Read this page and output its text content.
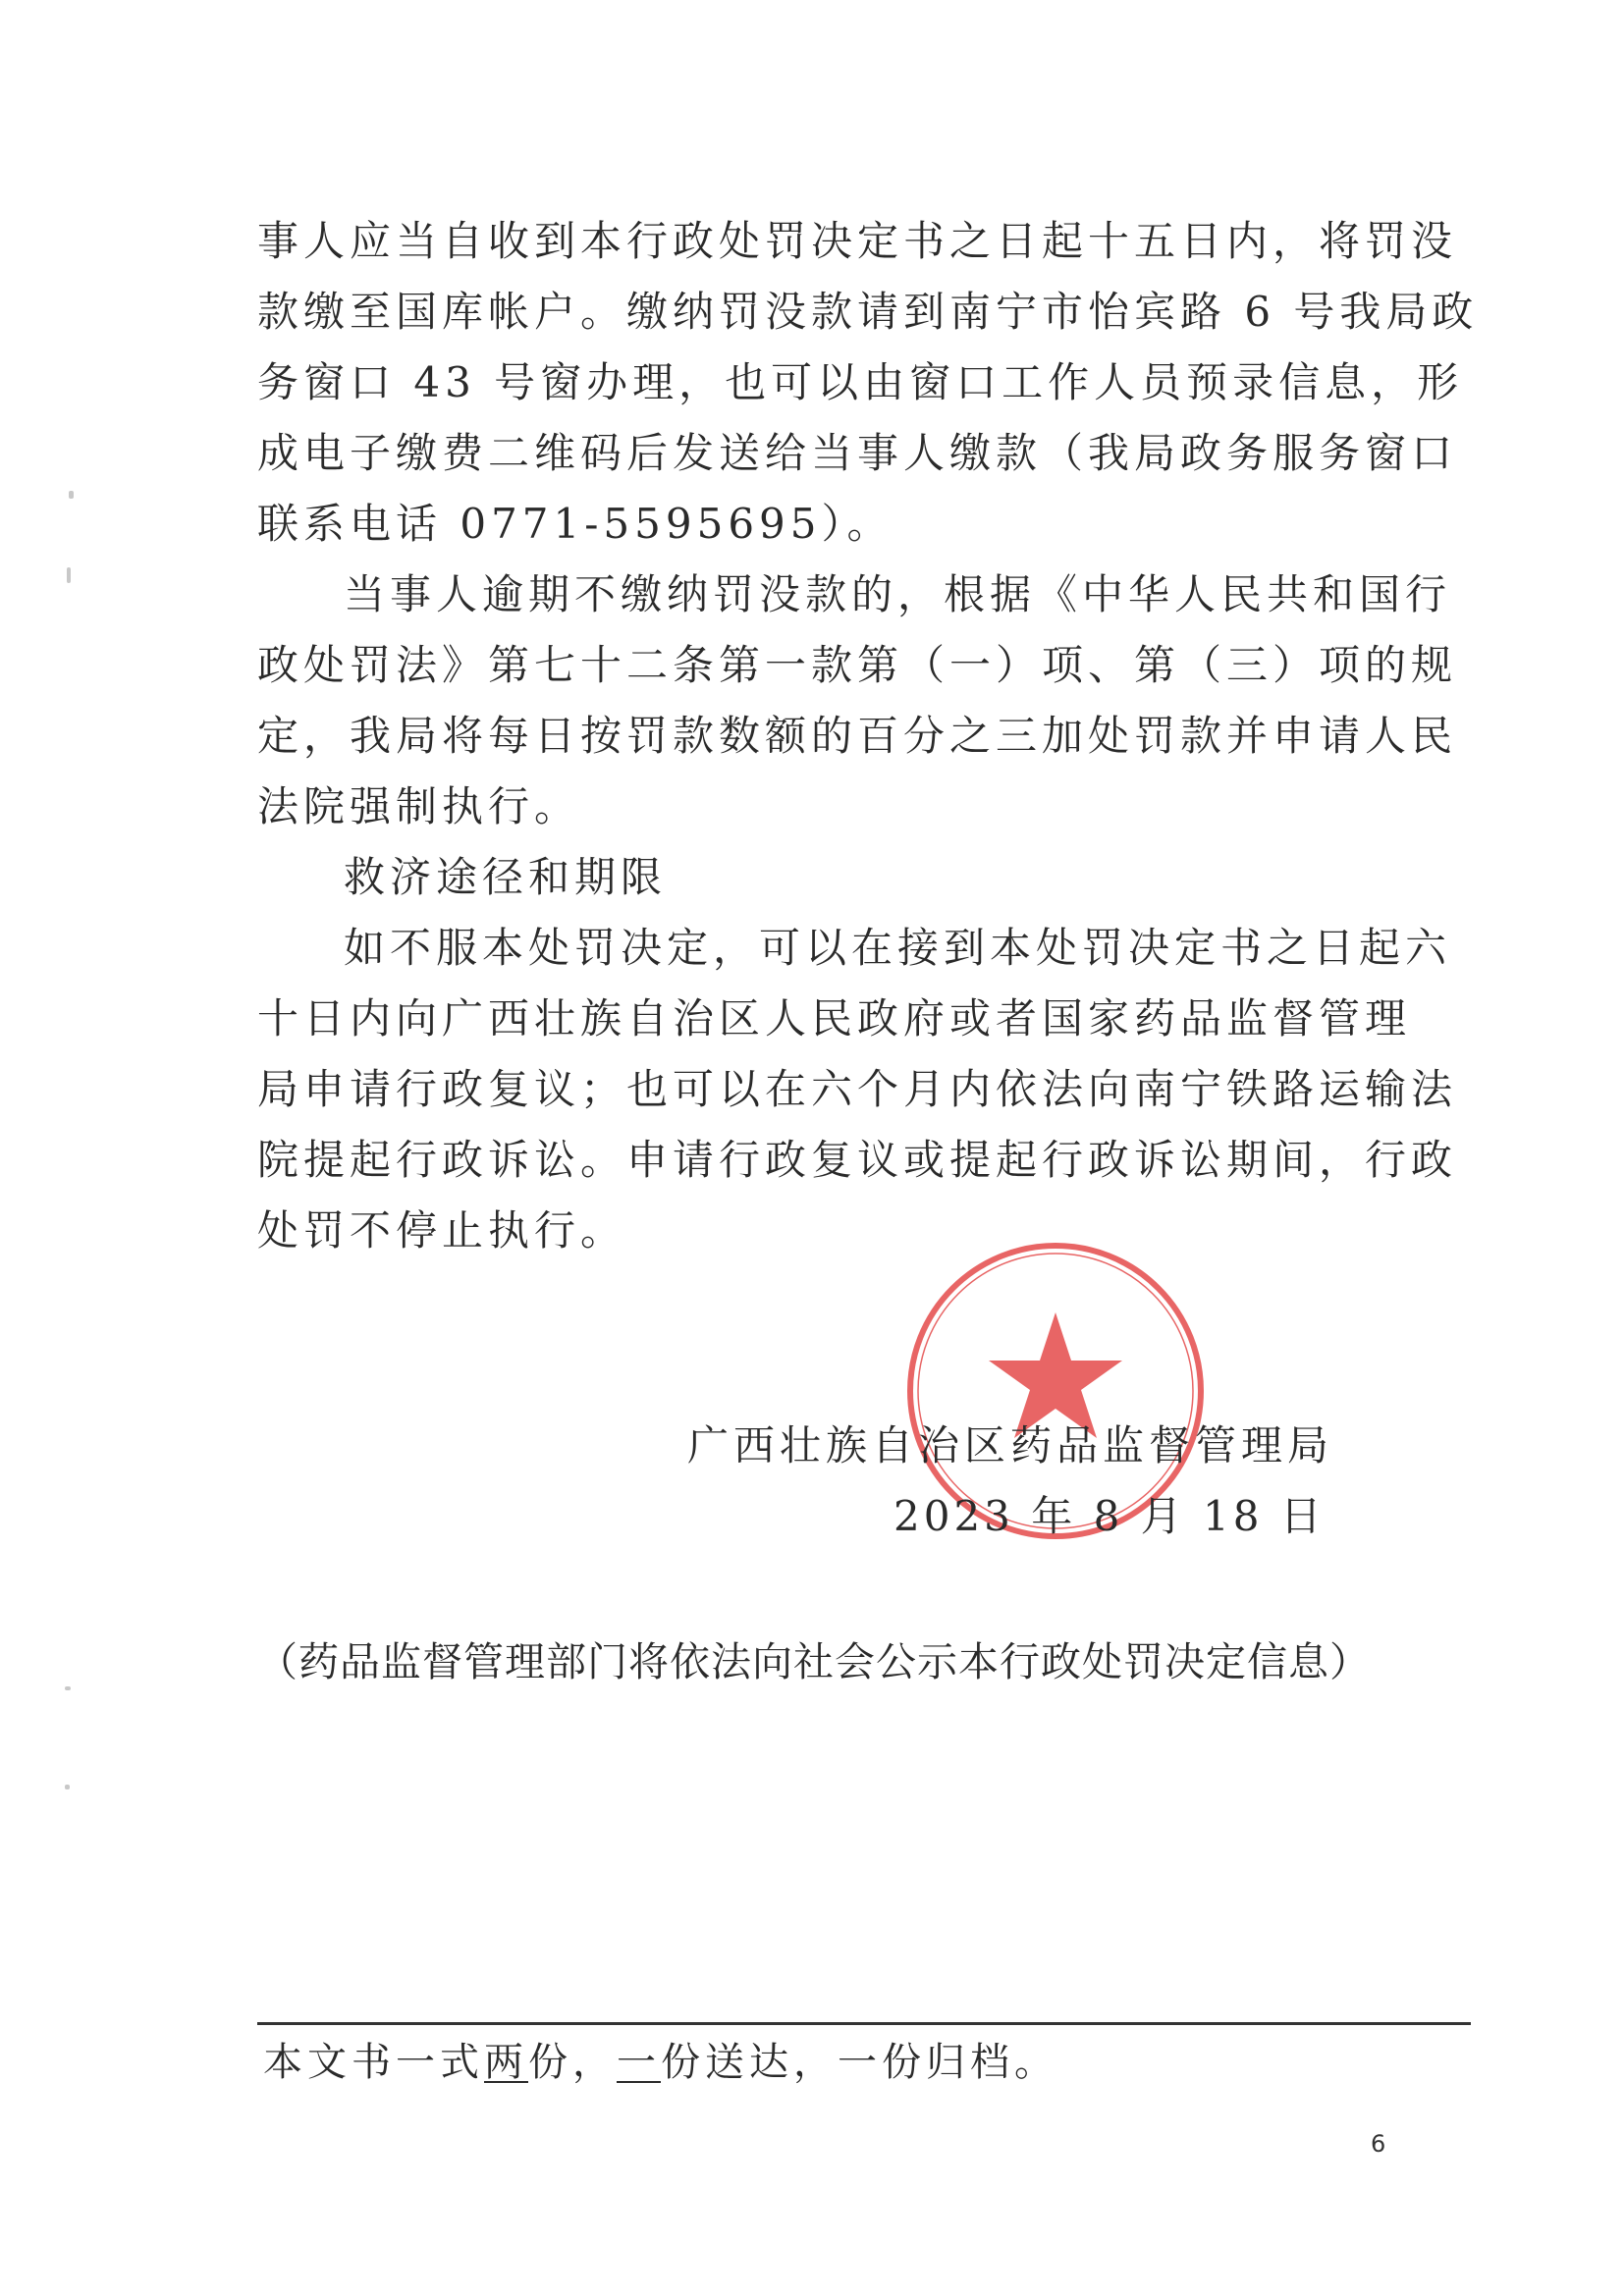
事人应当自收到本行政处罚决定书之日起十五日内，将罚没
款缴至国库帐户。缴纳罚没款请到南宁市怡宾路 6 号我局政
务窗口 43 号窗办理，也可以由窗口工作人员预录信息，形
成电子缴费二维码后发送给当事人缴款（我局政务服务窗口
联系电话 0771-5595695）。
当事人逾期不缴纳罚没款的，根据《中华人民共和国行
政处罚法》第七十二条第一款第（一）项、第（三）项的规
定，我局将每日按罚款数额的百分之三加处罚款并申请人民
法院强制执行。
救济途径和期限
如不服本处罚决定，可以在接到本处罚决定书之日起六
十日内向广西壮族自治区人民政府或者国家药品监督管理
局申请行政复议；也可以在六个月内依法向南宁铁路运输法
院提起行政诉讼。申请行政复议或提起行政诉讼期间，行政
处罚不停止执行。
广西壮族自治区药品监督管理局
2023 年 8 月 18 日
（药品监督管理部门将依法向社会公示本行政处罚决定信息）
本文书一式两份，一份送达，一份归档。
6
